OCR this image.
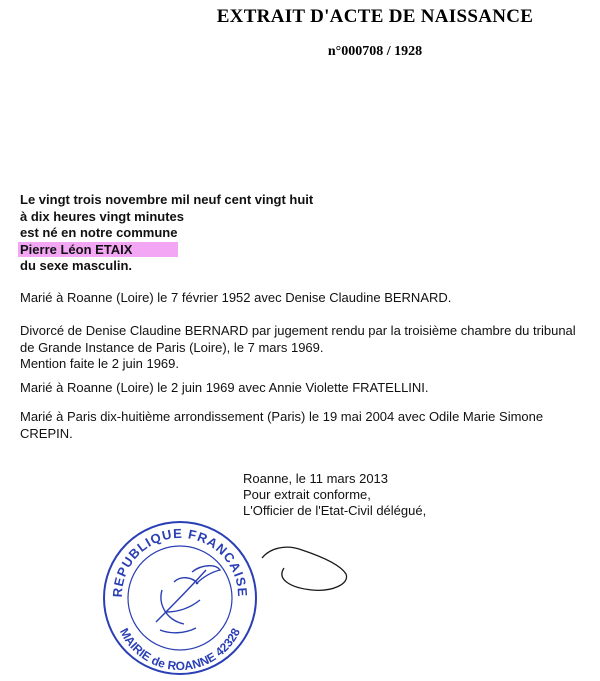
EXTRAIT D'ACTE DE NAISSANCE
n°000708 / 1928
Le vingt trois novembre mil neuf cent vingt huit
à dix heures vingt minutes
est né en notre commune
Pierre Léon ETAIX
du sexe masculin.
Marié à Roanne (Loire) le 7 février 1952 avec Denise Claudine BERNARD.
Divorcé de Denise Claudine BERNARD par jugement rendu par la troisième chambre du tribunal de Grande Instance de Paris (Loire), le 7 mars 1969.
Mention faite le 2 juin 1969.
Marié à Roanne (Loire) le 2 juin 1969 avec Annie Violette FRATELLINI.
Marié à Paris dix-huitième arrondissement (Paris) le 19 mai 2004 avec Odile Marie Simone CREPIN.
Roanne, le 11 mars 2013
Pour extrait conforme,
L'Officier de l'Etat-Civil délégué,
REPUBLIQUE FRANCAISE
MAIRIE de ROANNE 42328
